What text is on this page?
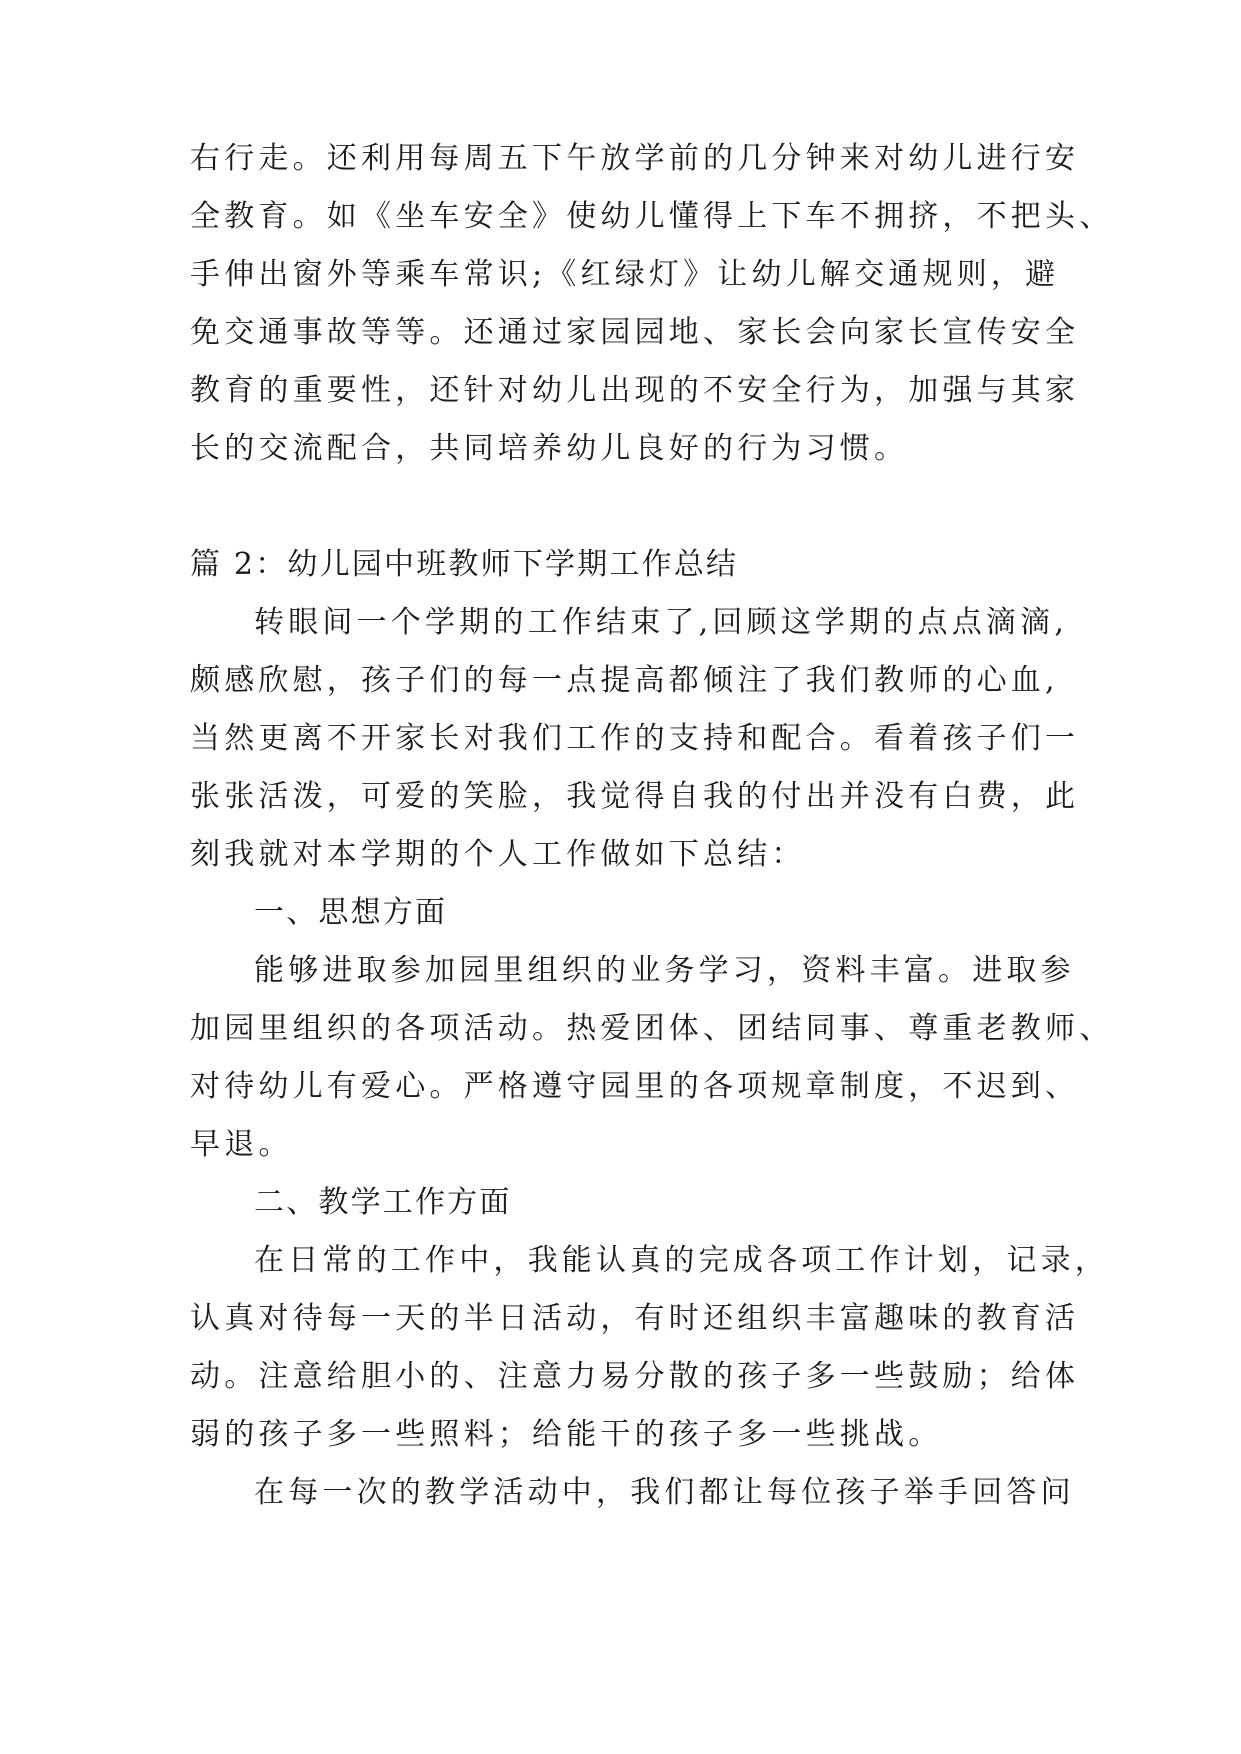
右行走。还利用每周五下午放学前的几分钟来对幼儿进行安
全教育。如《坐车安全》使幼儿懂得上下车不拥挤，不把头、
手伸出窗外等乘车常识;《红绿灯》让幼儿解交通规则，避
免交通事故等等。还通过家园园地、家长会向家长宣传安全
教育的重要性，还针对幼儿出现的不安全行为，加强与其家
长的交流配合，共同培养幼儿良好的行为习惯。
篇 2：幼儿园中班教师下学期工作总结
转眼间一个学期的工作结束了,回顾这学期的点点滴滴,
颇感欣慰，孩子们的每一点提高都倾注了我们教师的心血,
当然更离不开家长对我们工作的支持和配合。看着孩子们一
张张活泼，可爱的笑脸，我觉得自我的付出并没有白费，此
刻我就对本学期的个人工作做如下总结：
一、思想方面
能够进取参加园里组织的业务学习，资料丰富。进取参
加园里组织的各项活动。热爱团体、团结同事、尊重老教师、
对待幼儿有爱心。严格遵守园里的各项规章制度，不迟到、
早退。
二、教学工作方面
在日常的工作中，我能认真的完成各项工作计划，记录，
认真对待每一天的半日活动，有时还组织丰富趣味的教育活
动。注意给胆小的、注意力易分散的孩子多一些鼓励；给体
弱的孩子多一些照料；给能干的孩子多一些挑战。
在每一次的教学活动中，我们都让每位孩子举手回答问
